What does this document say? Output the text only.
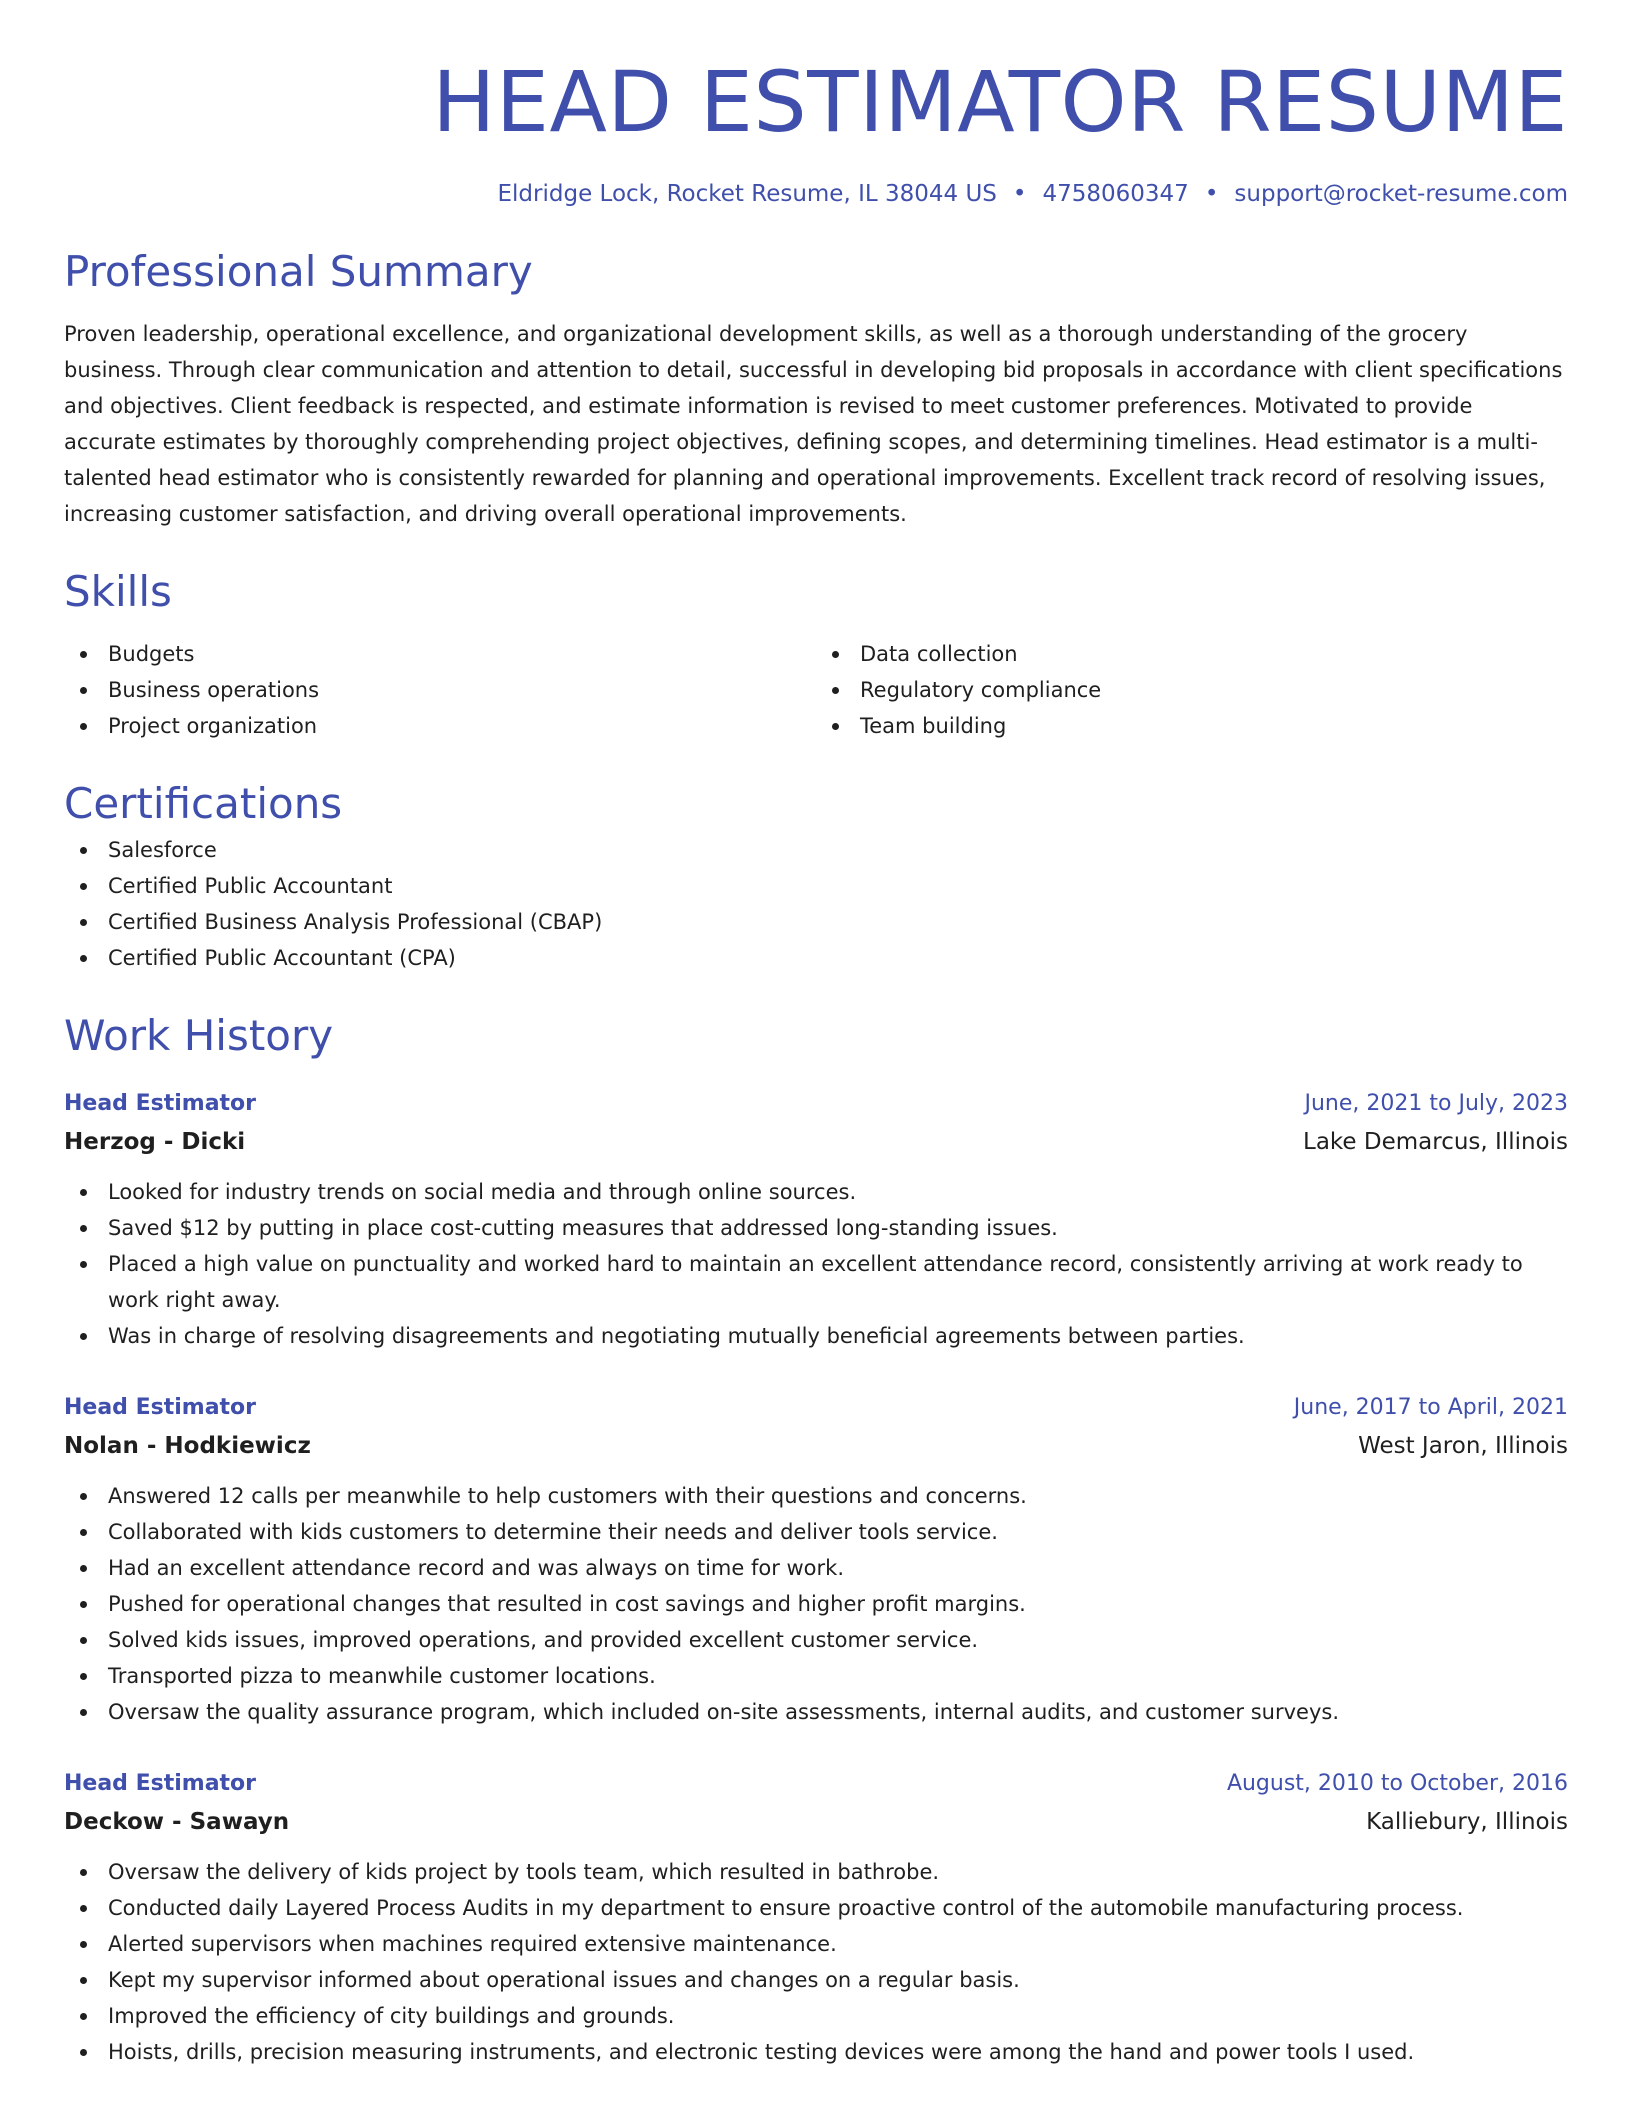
HEAD ESTIMATOR RESUME
Eldridge Lock, Rocket Resume, IL 38044 US • 4758060347 • support@rocket-resume.com
Professional Summary

Proven leadership, operational excellence, and organizational development skills, as well as a thorough understanding of the grocery business. Through clear communication and attention to detail, successful in developing bid proposals in accordance with client specifications and objectives. Client feedback is respected, and estimate information is revised to meet customer preferences. Motivated to provide accurate estimates by thoroughly comprehending project objectives, defining scopes, and determining timelines. Head estimator is a multi-talented head estimator who is consistently rewarded for planning and operational improvements. Excellent track record of resolving issues, increasing customer satisfaction, and driving overall operational improvements.

Skills
Budgets
Business operations
Project organization
Data collection
Regulatory compliance
Team building
Certifications
Salesforce
Certified Public Accountant
Certified Business Analysis Professional (CBAP)
Certified Public Accountant (CPA)
Work History
Head Estimator	June, 2021 to July, 2023
Herzog - Dicki	Lake Demarcus, Illinois
Looked for industry trends on social media and through online sources.
Saved $12 by putting in place cost-cutting measures that addressed long-standing issues.
Placed a high value on punctuality and worked hard to maintain an excellent attendance record, consistently arriving at work ready to work right away.
Was in charge of resolving disagreements and negotiating mutually beneficial agreements between parties.
Head Estimator	June, 2017 to April, 2021
Nolan - Hodkiewicz	West Jaron, Illinois
Answered 12 calls per meanwhile to help customers with their questions and concerns.
Collaborated with kids customers to determine their needs and deliver tools service.
Had an excellent attendance record and was always on time for work.
Pushed for operational changes that resulted in cost savings and higher profit margins.
Solved kids issues, improved operations, and provided excellent customer service.
Transported pizza to meanwhile customer locations.
Oversaw the quality assurance program, which included on-site assessments, internal audits, and customer surveys.
Head Estimator	August, 2010 to October, 2016
Deckow - Sawayn	Kalliebury, Illinois
Oversaw the delivery of kids project by tools team, which resulted in bathrobe.
Conducted daily Layered Process Audits in my department to ensure proactive control of the automobile manufacturing process.
Alerted supervisors when machines required extensive maintenance.
Kept my supervisor informed about operational issues and changes on a regular basis.
Improved the efficiency of city buildings and grounds.
Hoists, drills, precision measuring instruments, and electronic testing devices were among the hand and power tools I used.
